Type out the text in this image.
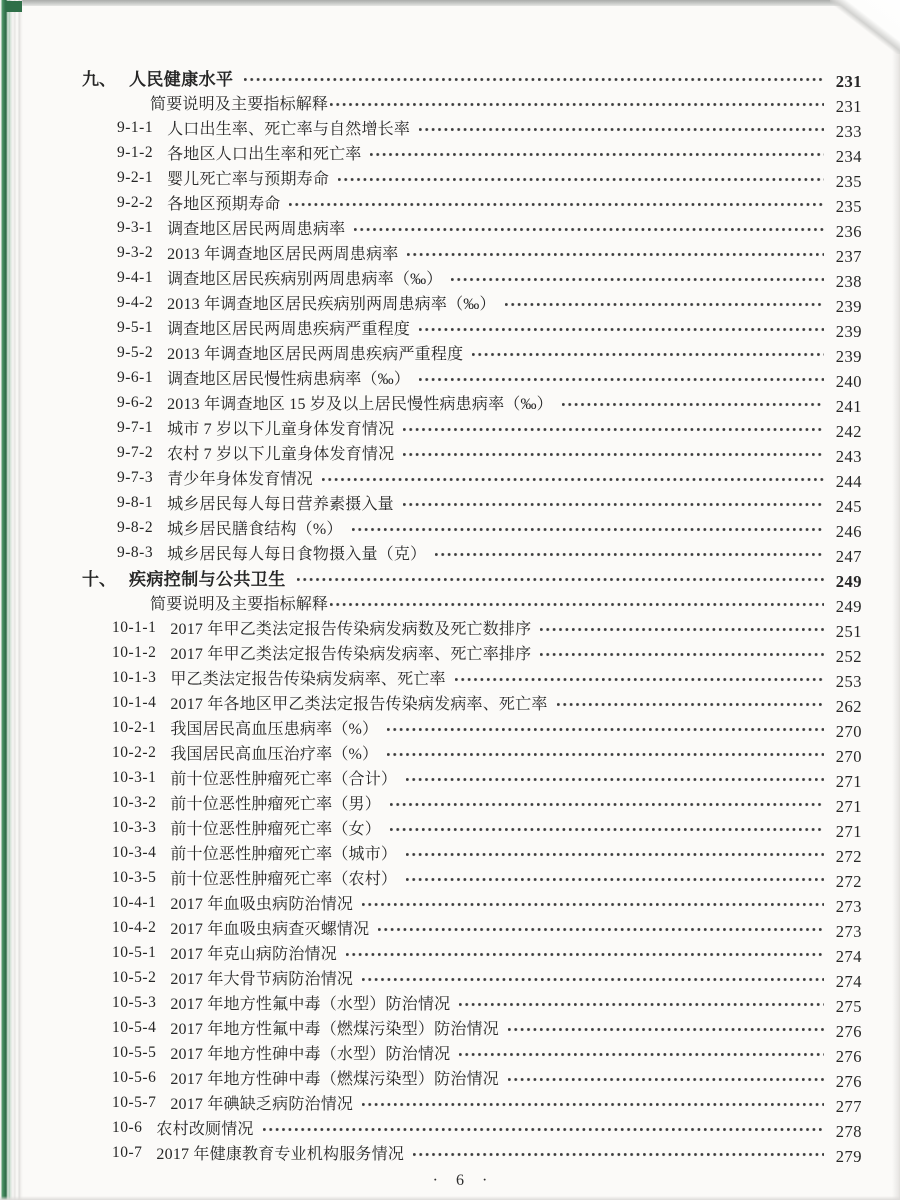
九、 人民健康水平	231
简要说明及主要指标解释	231
9-1-1 人口出生率、死亡率与自然增长率	233
9-1-2 各地区人口出生率和死亡率	234
9-2-1 婴儿死亡率与预期寿命	235
9-2-2 各地区预期寿命	235
9-3-1 调查地区居民两周患病率	236
9-3-2 2013 年调查地区居民两周患病率	237
9-4-1 调查地区居民疾病别两周患病率（‰）	238
9-4-2 2013 年调查地区居民疾病别两周患病率（‰）	239
9-5-1 调查地区居民两周患疾病严重程度	239
9-5-2 2013 年调查地区居民两周患疾病严重程度	239
9-6-1 调查地区居民慢性病患病率（‰）	240
9-6-2 2013 年调查地区 15 岁及以上居民慢性病患病率（‰）	241
9-7-1 城市 7 岁以下儿童身体发育情况	242
9-7-2 农村 7 岁以下儿童身体发育情况	243
9-7-3 青少年身体发育情况	244
9-8-1 城乡居民每人每日营养素摄入量	245
9-8-2 城乡居民膳食结构（%）	246
9-8-3 城乡居民每人每日食物摄入量（克）	247
十、 疾病控制与公共卫生	249
简要说明及主要指标解释	249
10-1-1 2017 年甲乙类法定报告传染病发病数及死亡数排序	251
10-1-2 2017 年甲乙类法定报告传染病发病率、死亡率排序	252
10-1-3 甲乙类法定报告传染病发病率、死亡率	253
10-1-4 2017 年各地区甲乙类法定报告传染病发病率、死亡率	262
10-2-1 我国居民高血压患病率（%）	270
10-2-2 我国居民高血压治疗率（%）	270
10-3-1 前十位恶性肿瘤死亡率（合计）	271
10-3-2 前十位恶性肿瘤死亡率（男）	271
10-3-3 前十位恶性肿瘤死亡率（女）	271
10-3-4 前十位恶性肿瘤死亡率（城市）	272
10-3-5 前十位恶性肿瘤死亡率（农村）	272
10-4-1 2017 年血吸虫病防治情况	273
10-4-2 2017 年血吸虫病查灭螺情况	273
10-5-1 2017 年克山病防治情况	274
10-5-2 2017 年大骨节病防治情况	274
10-5-3 2017 年地方性氟中毒（水型）防治情况	275
10-5-4 2017 年地方性氟中毒（燃煤污染型）防治情况	276
10-5-5 2017 年地方性砷中毒（水型）防治情况	276
10-5-6 2017 年地方性砷中毒（燃煤污染型）防治情况	276
10-5-7 2017 年碘缺乏病防治情况	277
10-6 农村改厕情况	278
10-7 2017 年健康教育专业机构服务情况	279
· 6 ·
